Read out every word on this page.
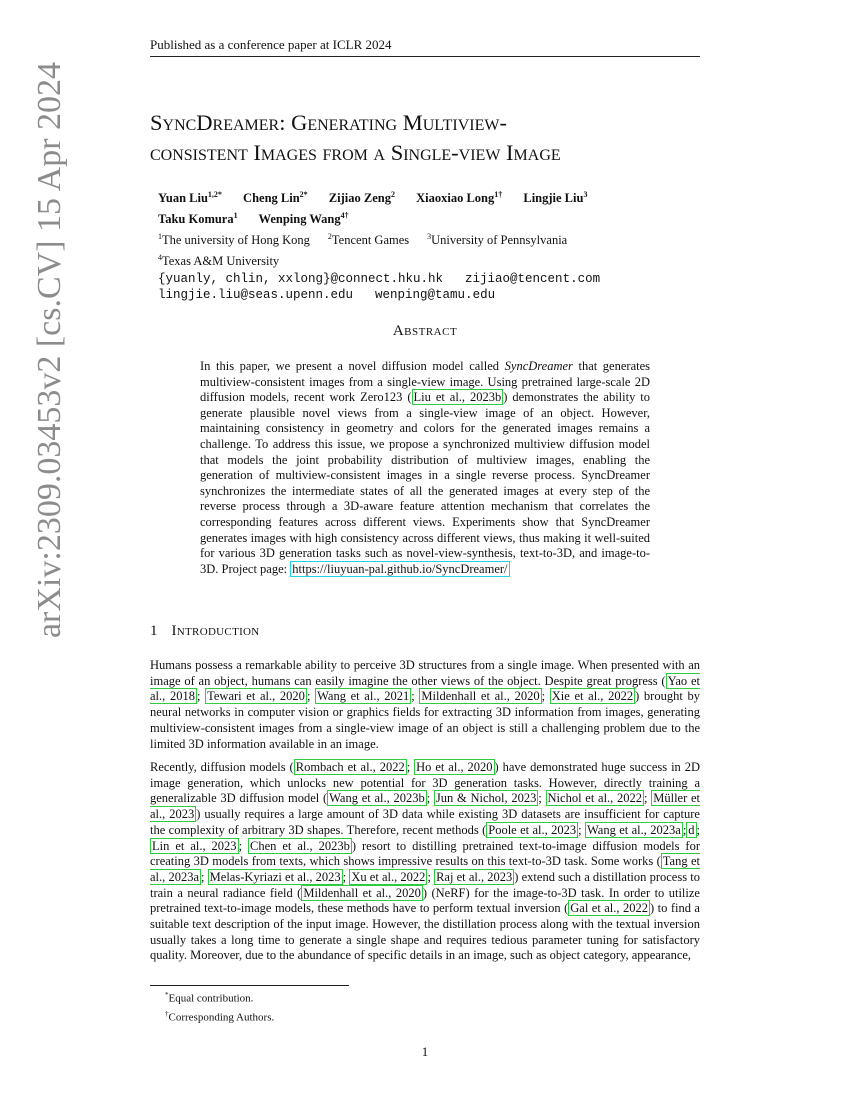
arXiv:2309.03453v2 [cs.CV] 15 Apr 2024
Published as a conference paper at ICLR 2024
SyncDreamer: Generating Multiview-
consistent Images from a Single-view Image
Yuan Liu$^{1,2*}$ Cheng Lin$^{2*}$ Zijiao Zeng$^2$ Xiaoxiao Long$^{1\dagger}$ Lingjie Liu$^3$
Taku Komura$^1$ Wenping Wang$^{4\dagger}$
$^1$The university of Hong Kong $^2$Tencent Games $^3$University of Pennsylvania
$^4$Texas A&M University
{yuanly, chlin, xxlong}@connect.hku.hk zijiao@tencent.com
lingjie.liu@seas.upenn.edu wenping@tamu.edu
Abstract
In this paper, we present a novel diffusion model called SyncDreamer that generates multiview-consistent images from a single-view image. Using pretrained large-scale 2D diffusion models, recent work Zero123 ( Liu et al., 2023b ) demonstrates the ability to generate plausible novel views from a single-view image of an object. However, maintaining consistency in geometry and colors for the generated images remains a challenge. To address this issue, we propose a synchronized multiview diffusion model that models the joint probability distribution of multiview images, enabling the generation of multiview-consistent images in a single reverse process. SyncDreamer synchronizes the intermediate states of all the generated images at every step of the reverse process through a 3D-aware feature attention mechanism that correlates the corresponding features across different views. Experiments show that SyncDreamer generates images with high consistency across different views, thus making it well-suited for various 3D generation tasks such as novel-view-synthesis, text-to-3D, and image-to-3D. Project page: https://liuyuan-pal.github.io/SyncDreamer/
1 Introduction
Humans possess a remarkable ability to perceive 3D structures from a single image. When presented with an image of an object, humans can easily imagine the other views of the object. Despite great progress ( Yao et al., 2018 ; Tewari et al., 2020 ; Wang et al., 2021 ; Mildenhall et al., 2020 ; Xie et al., 2022 ) brought by neural networks in computer vision or graphics fields for extracting 3D information from images, generating multiview-consistent images from a single-view image of an object is still a challenging problem due to the limited 3D information available in an image.
Recently, diffusion models ( Rombach et al., 2022 ; Ho et al., 2020 ) have demonstrated huge success in 2D image generation, which unlocks new potential for 3D generation tasks. However, directly training a generalizable 3D diffusion model ( Wang et al., 2023b ; Jun & Nichol, 2023 ; Nichol et al., 2022 ; Müller et al., 2023 ) usually requires a large amount of 3D data while existing 3D datasets are insufficient for capture the complexity of arbitrary 3D shapes. Therefore, recent methods ( Poole et al., 2023 ; Wang et al., 2023a ; d ; Lin et al., 2023 ; Chen et al., 2023b ) resort to distilling pretrained text-to-image diffusion models for creating 3D models from texts, which shows impressive results on this text-to-3D task. Some works ( Tang et al., 2023a ; Melas-Kyriazi et al., 2023 ; Xu et al., 2022 ; Raj et al., 2023 ) extend such a distillation process to train a neural radiance field ( Mildenhall et al., 2020 ) (NeRF) for the image-to-3D task. In order to utilize pretrained text-to-image models, these methods have to perform textual inversion ( Gal et al., 2022 ) to find a suitable text description of the input image. However, the distillation process along with the textual inversion usually takes a long time to generate a single shape and requires tedious parameter tuning for satisfactory quality. Moreover, due to the abundance of specific details in an image, such as object category, appearance,
*Equal contribution.
†Corresponding Authors.
1
